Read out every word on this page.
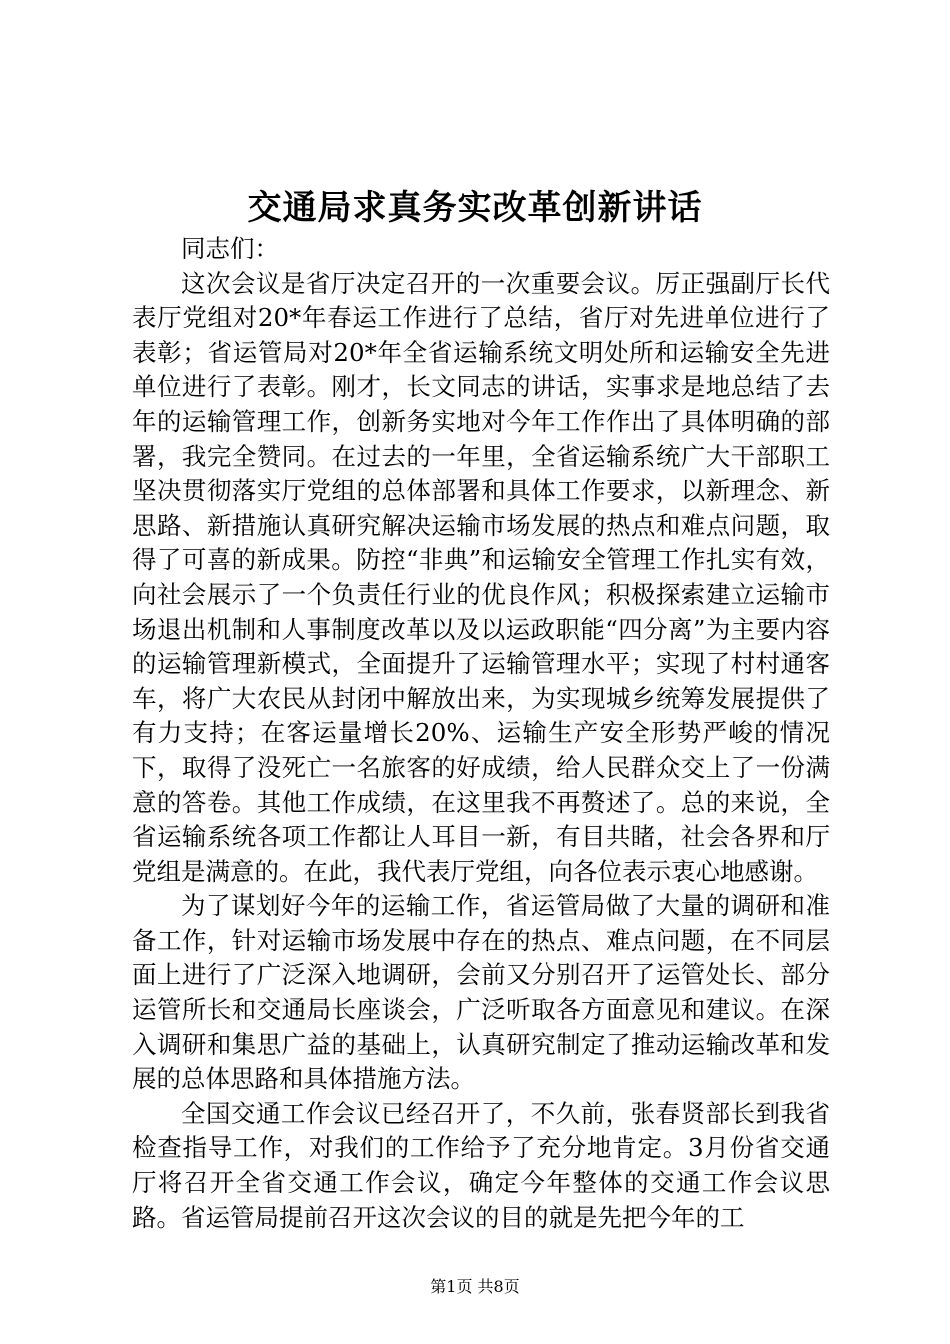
交通局求真务实改革创新讲话

同志们：

这次会议是省厅决定召开的一次重要会议。厉正强副厅长代表厅党组对20*年春运工作进行了总结，省厅对先进单位进行了表彰；省运管局对20*年全省运输系统文明处所和运输安全先进单位进行了表彰。刚才，长文同志的讲话，实事求是地总结了去年的运输管理工作，创新务实地对今年工作作出了具体明确的部署，我完全赞同。在过去的一年里，全省运输系统广大干部职工坚决贯彻落实厅党组的总体部署和具体工作要求，以新理念、新思路、新措施认真研究解决运输市场发展的热点和难点问题，取得了可喜的新成果。防控“非典”和运输安全管理工作扎实有效，向社会展示了一个负责任行业的优良作风；积极探索建立运输市场退出机制和人事制度改革以及以运政职能“四分离”为主要内容的运输管理新模式，全面提升了运输管理水平；实现了村村通客车，将广大农民从封闭中解放出来，为实现城乡统筹发展提供了有力支持；在客运量增长20%、运输生产安全形势严峻的情况下，取得了没死亡一名旅客的好成绩，给人民群众交上了一份满意的答卷。其他工作成绩，在这里我不再赘述了。总的来说，全省运输系统各项工作都让人耳目一新，有目共睹，社会各界和厅党组是满意的。在此，我代表厅党组，向各位表示衷心地感谢。

为了谋划好今年的运输工作，省运管局做了大量的调研和准备工作，针对运输市场发展中存在的热点、难点问题，在不同层面上进行了广泛深入地调研，会前又分别召开了运管处长、部分运管所长和交通局长座谈会，广泛听取各方面意见和建议。在深入调研和集思广益的基础上，认真研究制定了推动运输改革和发展的总体思路和具体措施方法。

全国交通工作会议已经召开了，不久前，张春贤部长到我省检查指导工作，对我们的工作给予了充分地肯定。3月份省交通厅将召开全省交通工作会议，确定今年整体的交通工作会议思路。省运管局提前召开这次会议的目的就是先把今年的工

第1页 共8页
